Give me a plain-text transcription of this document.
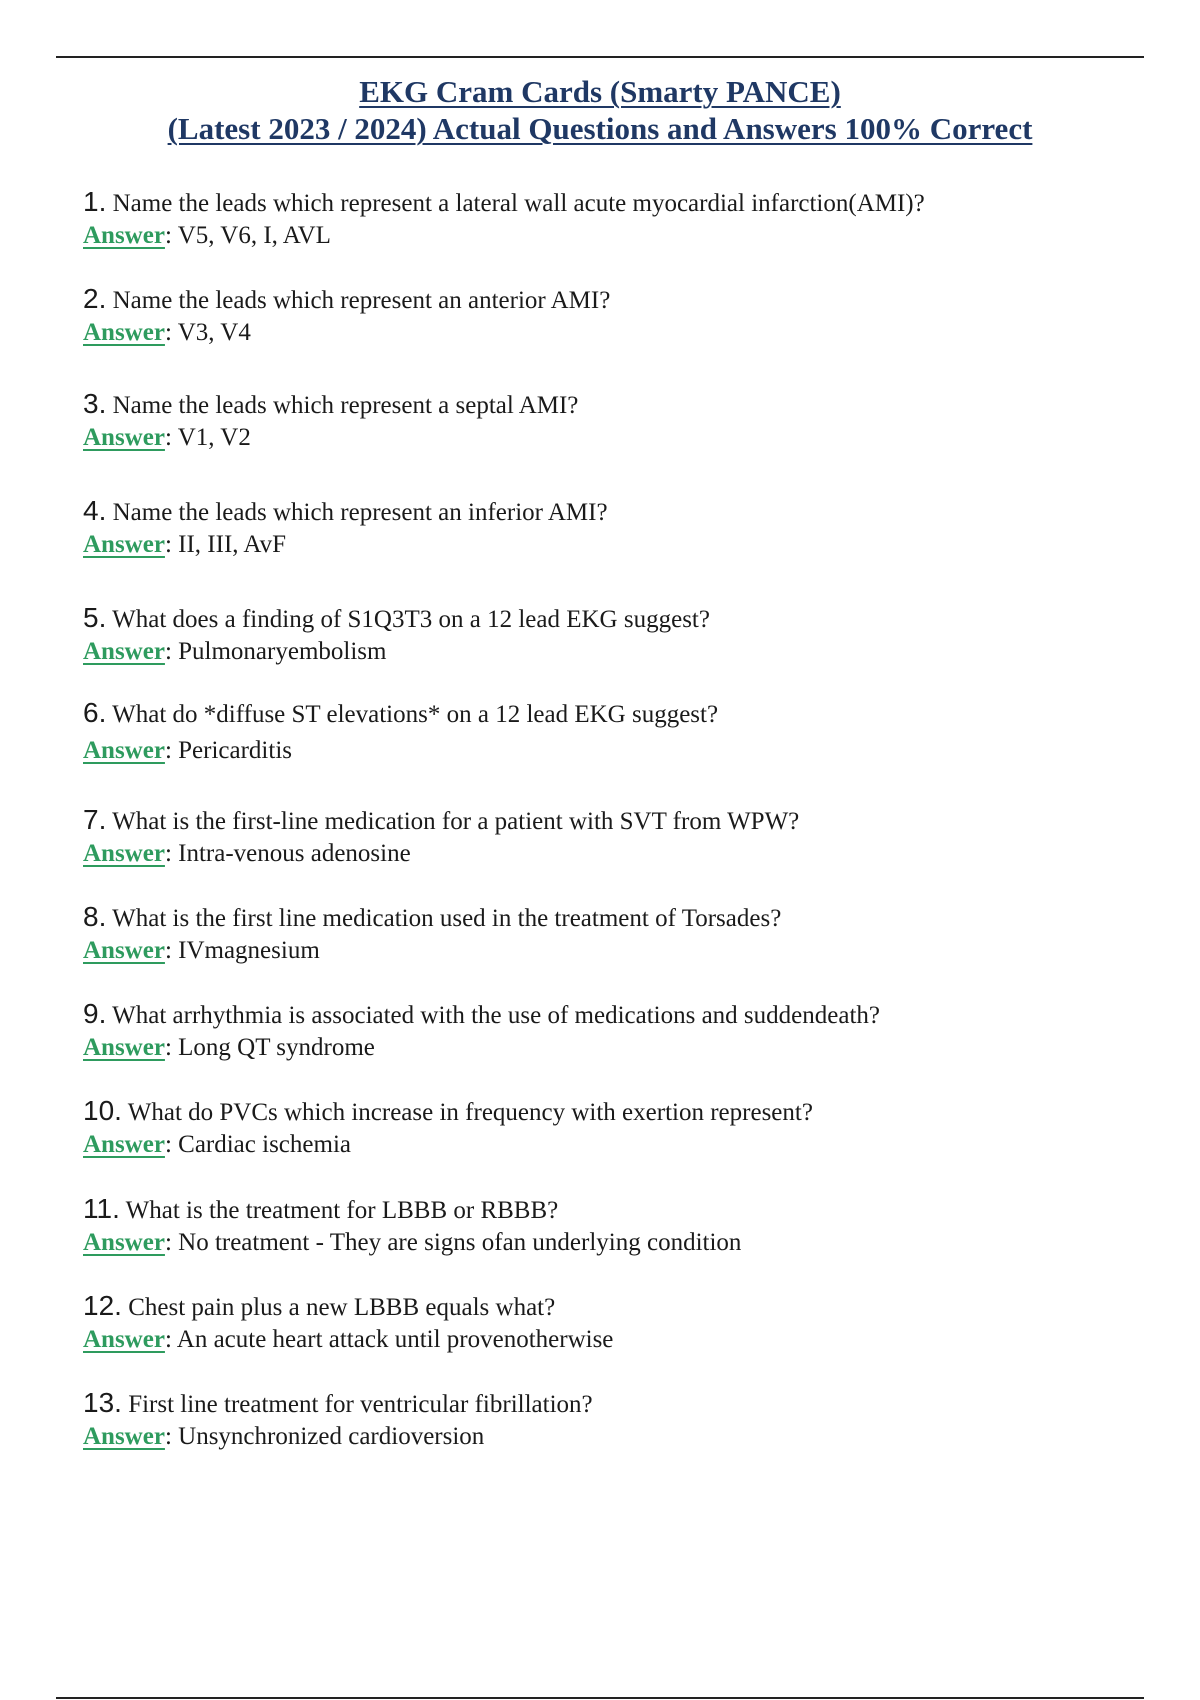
EKG Cram Cards (Smarty PANCE)
(Latest 2023 / 2024) Actual Questions and Answers 100% Correct
1. Name the leads which represent a lateral wall acute myocardial infarction(AMI)?
Answer: V5, V6, I, AVL
2. Name the leads which represent an anterior AMI?
Answer: V3, V4
3. Name the leads which represent a septal AMI?
Answer: V1, V2
4. Name the leads which represent an inferior AMI?
Answer: II, III, AvF
5. What does a finding of S1Q3T3 on a 12 lead EKG suggest?
Answer: Pulmonaryembolism
6. What do *diffuse ST elevations* on a 12 lead EKG suggest?
Answer: Pericarditis
7. What is the first-line medication for a patient with SVT from WPW?
Answer: Intra-venous adenosine
8. What is the first line medication used in the treatment of Torsades?
Answer: IVmagnesium
9. What arrhythmia is associated with the use of medications and suddendeath?
Answer: Long QT syndrome
10. What do PVCs which increase in frequency with exertion represent?
Answer: Cardiac ischemia
11. What is the treatment for LBBB or RBBB?
Answer: No treatment - They are signs ofan underlying condition
12. Chest pain plus a new LBBB equals what?
Answer: An acute heart attack until provenotherwise
13. First line treatment for ventricular fibrillation?
Answer: Unsynchronized cardioversion
